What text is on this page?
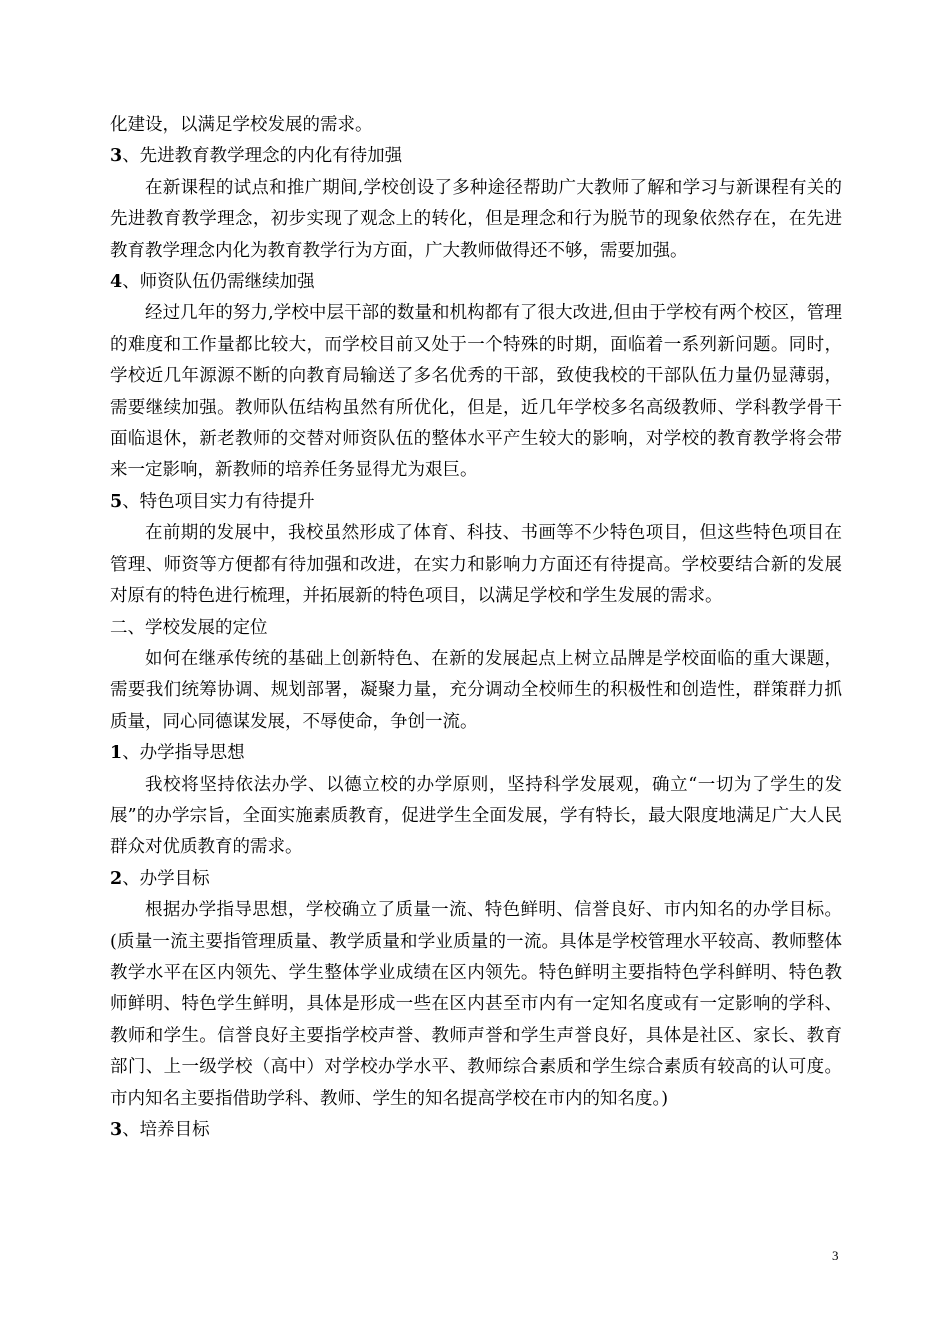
化建设，以满足学校发展的需求。

3、先进教育教学理念的内化有待加强

在新课程的试点和推广期间,学校创设了多种途径帮助广大教师了解和学习与新课程有关的先进教育教学理念，初步实现了观念上的转化，但是理念和行为脱节的现象依然存在，在先进教育教学理念内化为教育教学行为方面，广大教师做得还不够，需要加强。

4、师资队伍仍需继续加强

经过几年的努力,学校中层干部的数量和机构都有了很大改进,但由于学校有两个校区，管理的难度和工作量都比较大，而学校目前又处于一个特殊的时期，面临着一系列新问题。同时，学校近几年源源不断的向教育局输送了多名优秀的干部，致使我校的干部队伍力量仍显薄弱，需要继续加强。教师队伍结构虽然有所优化，但是，近几年学校多名高级教师、学科教学骨干面临退休，新老教师的交替对师资队伍的整体水平产生较大的影响，对学校的教育教学将会带来一定影响，新教师的培养任务显得尤为艰巨。

5、特色项目实力有待提升

在前期的发展中，我校虽然形成了体育、科技、书画等不少特色项目，但这些特色项目在管理、师资等方便都有待加强和改进，在实力和影响力方面还有待提高。学校要结合新的发展对原有的特色进行梳理，并拓展新的特色项目，以满足学校和学生发展的需求。

二、学校发展的定位

如何在继承传统的基础上创新特色、在新的发展起点上树立品牌是学校面临的重大课题，需要我们统筹协调、规划部署，凝聚力量，充分调动全校师生的积极性和创造性，群策群力抓质量，同心同德谋发展，不辱使命，争创一流。

1、办学指导思想

我校将坚持依法办学、以德立校的办学原则，坚持科学发展观，确立“一切为了学生的发展”的办学宗旨，全面实施素质教育，促进学生全面发展，学有特长，最大限度地满足广大人民群众对优质教育的需求。

2、办学目标

根据办学指导思想，学校确立了质量一流、特色鲜明、信誉良好、市内知名的办学目标。(质量一流主要指管理质量、教学质量和学业质量的一流。具体是学校管理水平较高、教师整体教学水平在区内领先、学生整体学业成绩在区内领先。特色鲜明主要指特色学科鲜明、特色教师鲜明、特色学生鲜明，具体是形成一些在区内甚至市内有一定知名度或有一定影响的学科、教师和学生。信誉良好主要指学校声誉、教师声誉和学生声誉良好，具体是社区、家长、教育部门、上一级学校（高中）对学校办学水平、教师综合素质和学生综合素质有较高的认可度。市内知名主要指借助学科、教师、学生的知名提高学校在市内的知名度。)

3、培养目标

3
